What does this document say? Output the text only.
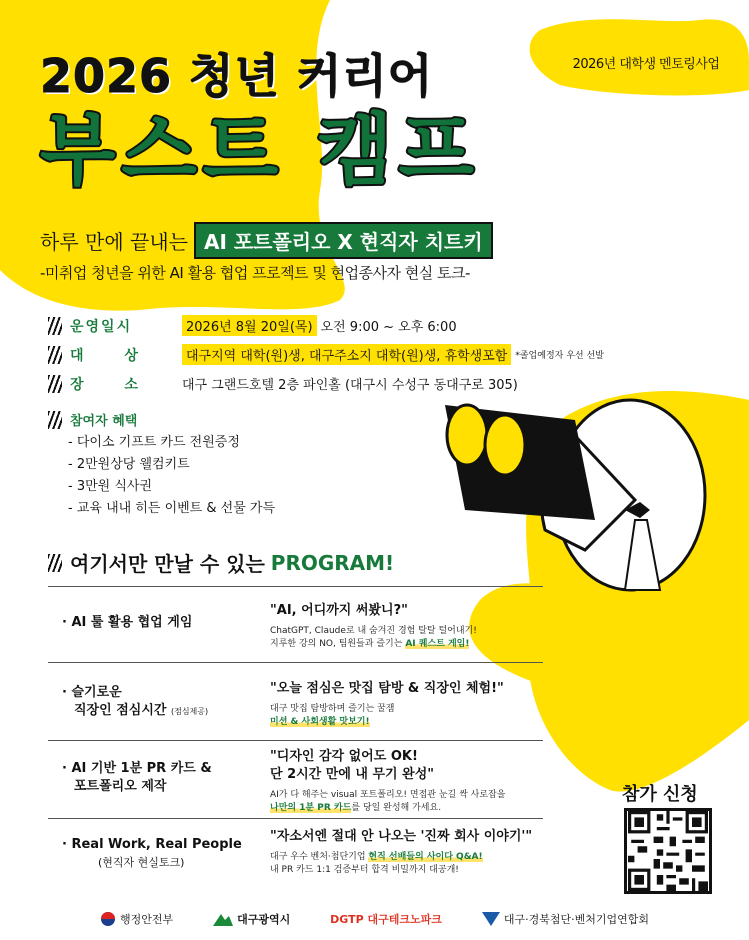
2026년 대학생 멘토링사업
2026 청년 커리어
부스트 캠프
하루 만에 끝내는 AI 포트폴리오 X 현직자 치트키
-미취업 청년을 위한 AI 활용 협업 프로젝트 및 현업종사자 현실 토크-
운영일시	2026년 8월 20일(목) 오전 9:00 ~ 오후 6:00
대 상	대구지역 대학(원)생, 대구주소지 대학(원)생, 휴학생포함 *졸업예정자 우선 선발
장 소	대구 그랜드호텔 2층 파인홀 (대구시 수성구 동대구로 305)
참여자 혜택
- 다이소 기프트 카드 전원증정
- 2만원상당 웰컴키트
- 3만원 식사권
- 교육 내내 히든 이벤트 & 선물 가득
여기서만 만날 수 있는 PROGRAM!
· AI 툴 활용 협업 게임
"AI, 어디까지 써봤니?"
ChatGPT, Claude로 내 숨겨진 경험 탈탈 털어내기!
지루한 강의 NO, 팀원들과 즐기는 AI 퀘스트 게임!
· 슬기로운
직장인 점심시간 (점심제공)
"오늘 점심은 맛집 탐방 & 직장인 체험!"
대구 맛집 탐방하며 즐기는 꿀잼
미션 & 사회생활 맛보기!
· AI 기반 1분 PR 카드 &
포트폴리오 제작
"디자인 감각 없어도 OK!
단 2시간 만에 내 무기 완성"
AI가 다 해주는 visual 포트폴리오! 면접관 눈길 싹 사로잡을
나만의 1분 PR 카드를 당일 완성해 가세요.
· Real Work, Real People
(현직자 현실토크)
"자소서엔 절대 안 나오는 '진짜 회사 이야기'"
대구 우수 벤처·첨단기업 현직 선배들의 사이다 Q&A!
내 PR 카드 1:1 검증부터 합격 비밀까지 대공개!
참가 신청
행정안전부	대구광역시	DGTP 대구테크노파크	대구·경북첨단·벤처기업연합회
